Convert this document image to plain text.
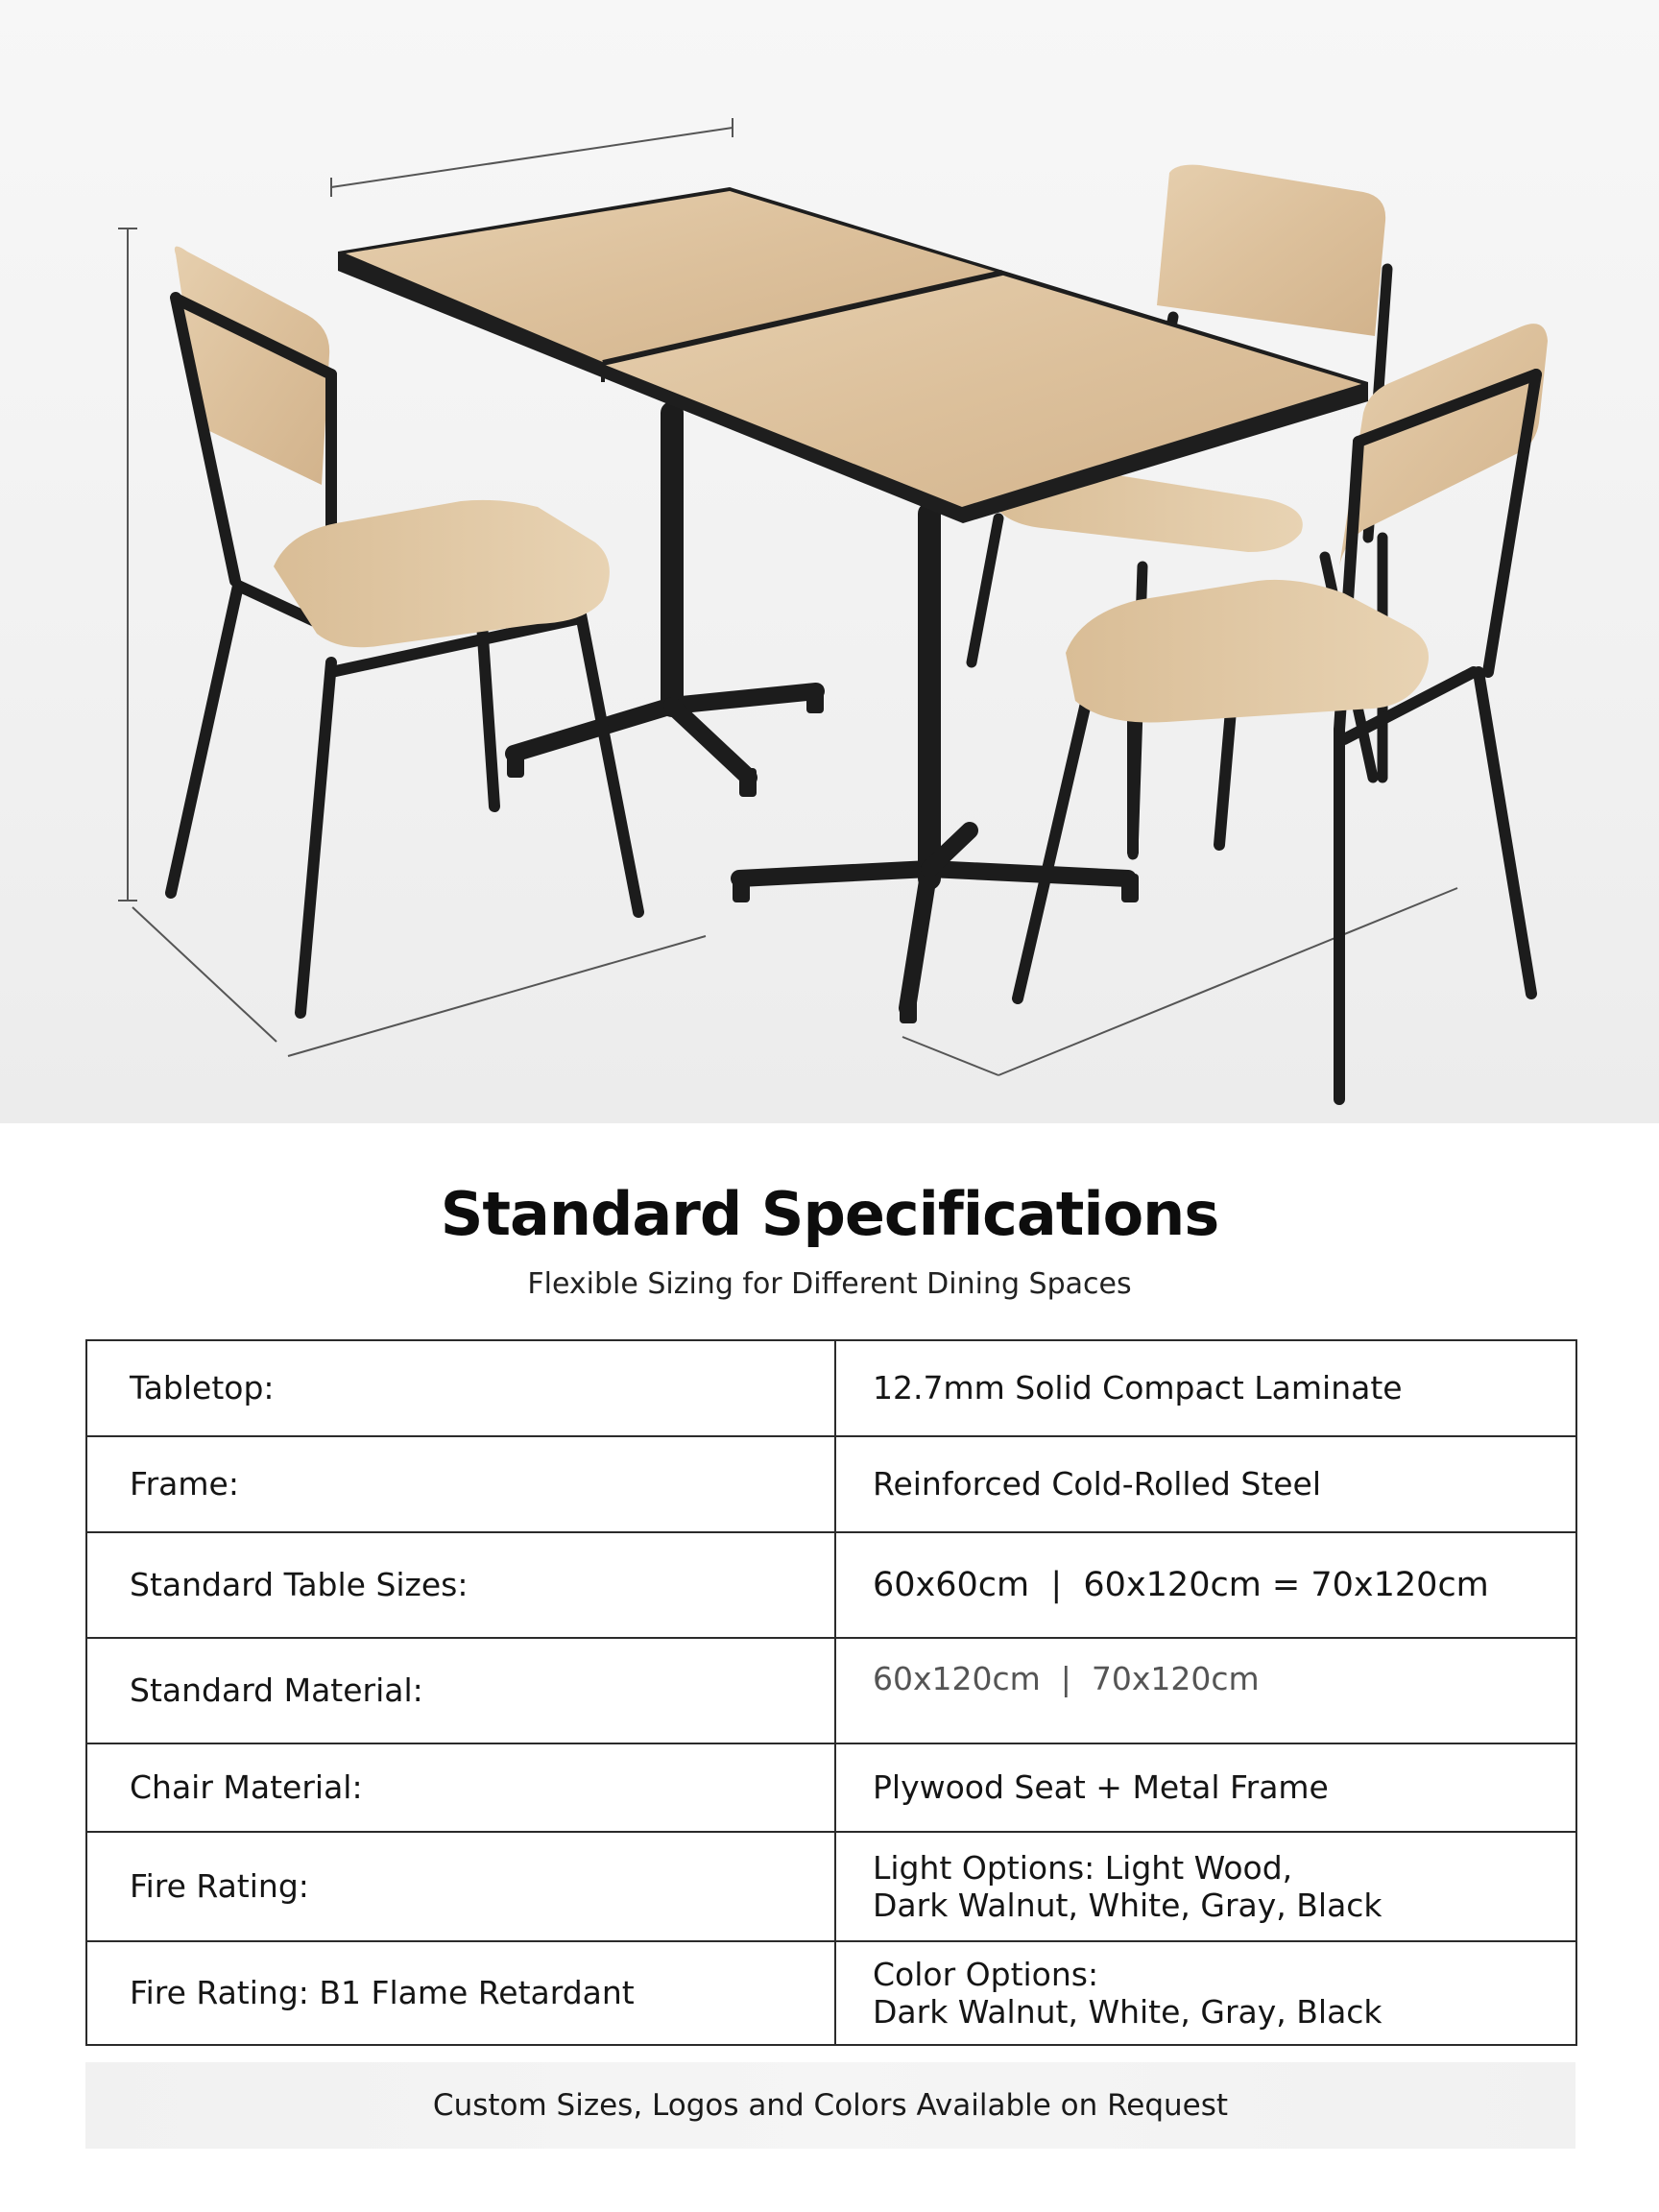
Standard Specifications
Flexible Sizing for Different Dining Spaces
Tabletop:	12.7mm Solid Compact Laminate
Frame:	Reinforced Cold-Rolled Steel
Standard Table Sizes:	60x60cm  |  60x120cm = 70x120cm
Standard Material:	60x120cm  |  70x120cm
Chair Material:	Plywood Seat + Metal Frame
Fire Rating:	Light Options: Light Wood,
Dark Walnut, White, Gray, Black

Fire Rating: B1 Flame Retardant	Color Options:
Dark Walnut, White, Gray, Black
Custom Sizes, Logos and Colors Available on Request
